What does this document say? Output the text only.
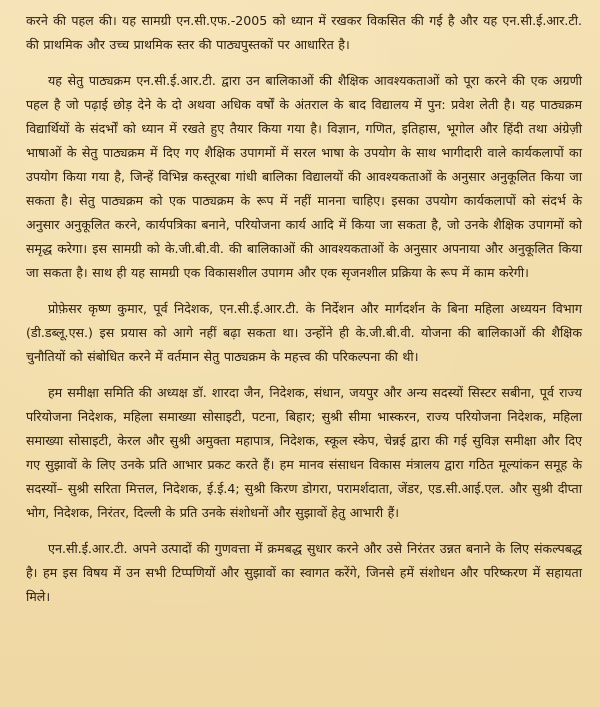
करने की पहल की। यह सामग्री एन.सी.एफ.-2005 को ध्यान में रखकर विकसित की गई है और यह एन.सी.ई.आर.टी. की प्राथमिक और उच्च प्राथमिक स्तर की पाठ्यपुस्तकों पर आधारित है।

यह सेतु पाठ्यक्रम एन.सी.ई.आर.टी. द्वारा उन बालिकाओं की शैक्षिक आवश्यकताओं को पूरा करने की एक अग्रणी पहल है जो पढ़ाई छोड़ देने के दो अथवा अधिक वर्षों के अंतराल के बाद विद्यालय में पुन: प्रवेश लेती है। यह पाठ्यक्रम विद्यार्थियों के संदर्भों को ध्यान में रखते हुए तैयार किया गया है। विज्ञान, गणित, इतिहास, भूगोल और हिंदी तथा अंग्रेज़ी भाषाओं के सेतु पाठ्यक्रम में दिए गए शैक्षिक उपागमों में सरल भाषा के उपयोग के साथ भागीदारी वाले कार्यकलापों का उपयोग किया गया है, जिन्हें विभिन्न कस्तूरबा गांधी बालिका विद्यालयों की आवश्यकताओं के अनुसार अनुकूलित किया जा सकता है। सेतु पाठ्यक्रम को एक पाठ्यक्रम के रूप में नहीं मानना चाहिए। इसका उपयोग कार्यकलापों को संदर्भ के अनुसार अनुकूलित करने, कार्यपत्रिका बनाने, परियोजना कार्य आदि में किया जा सकता है, जो उनके शैक्षिक उपागमों को समृद्ध करेगा। इस सामग्री को के.जी.बी.वी. की बालिकाओं की आवश्यकताओं के अनुसार अपनाया और अनुकूलित किया जा सकता है। साथ ही यह सामग्री एक विकासशील उपागम और एक सृजनशील प्रक्रिया के रूप में काम करेगी।

प्रोफ़ेसर कृष्ण कुमार, पूर्व निदेशक, एन.सी.ई.आर.टी. के निर्देशन और मार्गदर्शन के बिना महिला अध्ययन विभाग (डी.डब्लू.एस.) इस प्रयास को आगे नहीं बढ़ा सकता था। उन्होंने ही के.जी.बी.वी. योजना की बालिकाओं की शैक्षिक चुनौतियों को संबोधित करने में वर्तमान सेतु पाठ्यक्रम के महत्त्व की परिकल्पना की थी।

हम समीक्षा समिति की अध्यक्ष डॉ. शारदा जैन, निदेशक, संधान, जयपुर और अन्य सदस्यों सिस्टर सबीना, पूर्व राज्य परियोजना निदेशक, महिला समाख्या सोसाइटी, पटना, बिहार; सुश्री सीमा भास्करन, राज्य परियोजना निदेशक, महिला समाख्या सोसाइटी, केरल और सुश्री अमुक्ता महापात्र, निदेशक, स्कूल स्केप, चेन्नई द्वारा की गई सुविज्ञ समीक्षा और दिए गए सुझावों के लिए उनके प्रति आभार प्रकट करते हैं। हम मानव संसाधन विकास मंत्रालय द्वारा गठित मूल्यांकन समूह के सदस्यों– सुश्री सरिता मित्तल, निदेशक, ई.ई.4; सुश्री किरण डोगरा, परामर्शदाता, जेंडर, एड.सी.आई.एल. और सुश्री दीप्ता भोग, निदेशक, निरंतर, दिल्ली के प्रति उनके संशोधनों और सुझावों हेतु आभारी हैं।

एन.सी.ई.आर.टी. अपने उत्पादों की गुणवत्ता में क्रमबद्ध सुधार करने और उसे निरंतर उन्नत बनाने के लिए संकल्पबद्ध है। हम इस विषय में उन सभी टिप्पणियों और सुझावों का स्वागत करेंगे, जिनसे हमें संशोधन और परिष्करण में सहायता मिले।
